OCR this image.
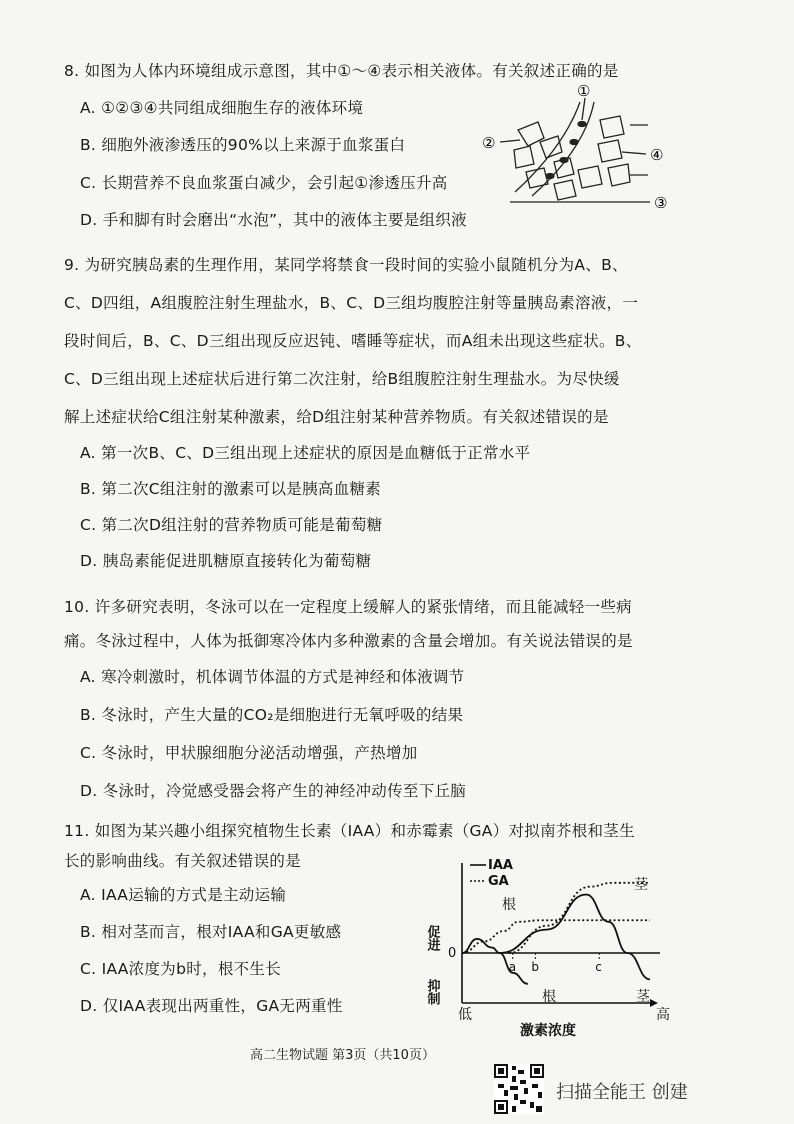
8. 如图为人体内环境组成示意图，其中①～④表示相关液体。有关叙述正确的是
A. ①②③④共同组成细胞生存的液体环境
B. 细胞外液渗透压的90%以上来源于血浆蛋白
C. 长期营养不良血浆蛋白减少，会引起①渗透压升高
D. 手和脚有时会磨出“水泡”，其中的液体主要是组织液
①
②
④
③
9. 为研究胰岛素的生理作用，某同学将禁食一段时间的实验小鼠随机分为A、B、
C、D四组，A组腹腔注射生理盐水，B、C、D三组均腹腔注射等量胰岛素溶液，一
段时间后，B、C、D三组出现反应迟钝、嗜睡等症状，而A组未出现这些症状。B、
C、D三组出现上述症状后进行第二次注射，给B组腹腔注射生理盐水。为尽快缓
解上述症状给C组注射某种激素，给D组注射某种营养物质。有关叙述错误的是
A. 第一次B、C、D三组出现上述症状的原因是血糖低于正常水平
B. 第二次C组注射的激素可以是胰高血糖素
C. 第二次D组注射的营养物质可能是葡萄糖
D. 胰岛素能促进肌糖原直接转化为葡萄糖
10. 许多研究表明，冬泳可以在一定程度上缓解人的紧张情绪，而且能减轻一些病
痛。冬泳过程中，人体为抵御寒冷体内多种激素的含量会增加。有关说法错误的是
A. 寒冷刺激时，机体调节体温的方式是神经和体液调节
B. 冬泳时，产生大量的CO₂是细胞进行无氧呼吸的结果
C. 冬泳时，甲状腺细胞分泌活动增强，产热增加
D. 冬泳时，冷觉感受器会将产生的神经冲动传至下丘脑
11. 如图为某兴趣小组探究植物生长素（IAA）和赤霉素（GA）对拟南芥根和茎生
长的影响曲线。有关叙述错误的是
A. IAA运输的方式是主动运输
B. 相对茎而言，根对IAA和GA更敏感
C. IAA浓度为b时，根不生长
D. 仅IAA表现出两重性，GA无两重性
a b	c
IAA
GA
促进
抑制
0
低	高
激素浓度
茎
根
根	茎
高二生物试题 第3页（共10页）
扫描全能王 创建
